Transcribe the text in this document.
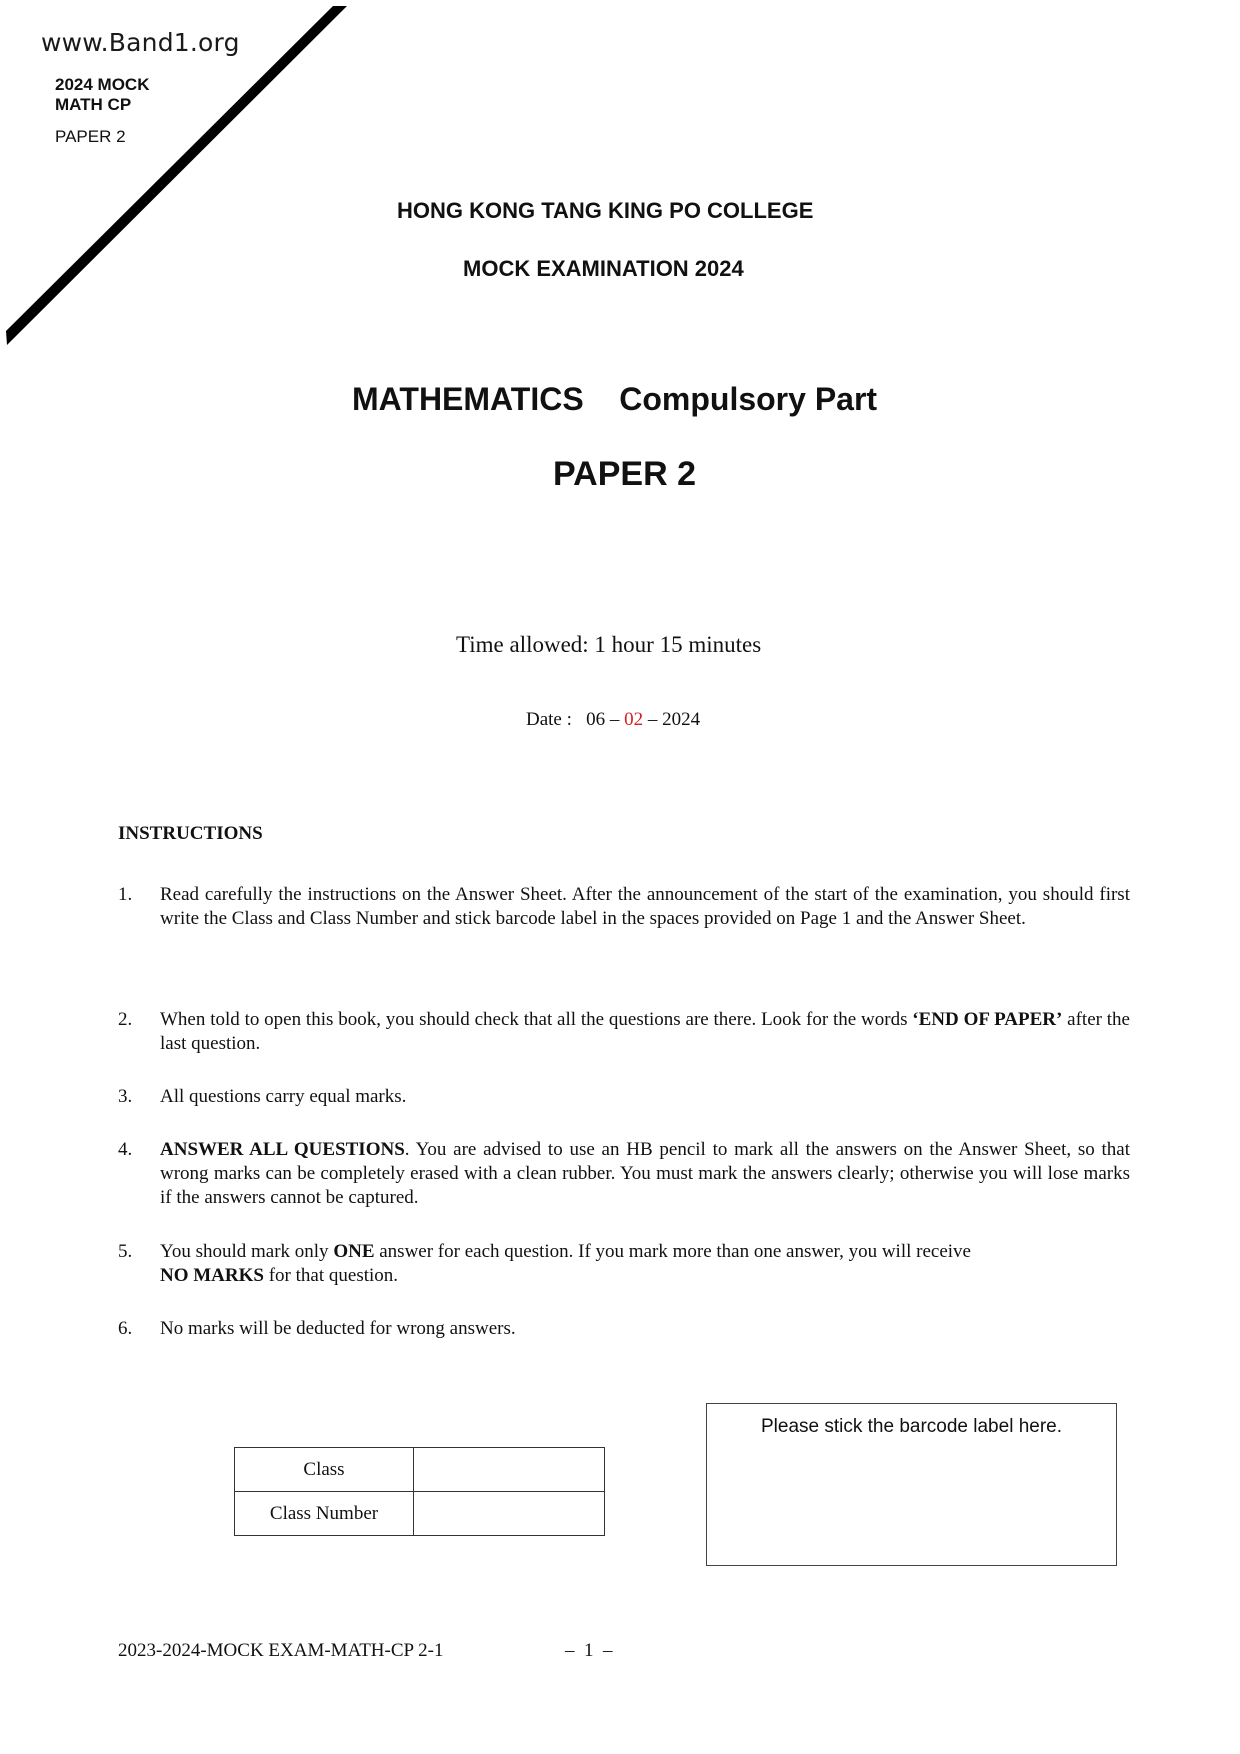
www.Band1.org
2024 MOCK
MATH CP
PAPER 2
HONG KONG TANG KING PO COLLEGE
MOCK EXAMINATION 2024
MATHEMATICS Compulsory Part
PAPER 2
Time allowed: 1 hour 15 minutes
Date : 06 – 02 – 2024
INSTRUCTIONS
1. Read carefully the instructions on the Answer Sheet. After the announcement of the start of the examination, you should first write the Class and Class Number and stick barcode label in the spaces provided on Page 1 and the Answer Sheet.
2. When told to open this book, you should check that all the questions are there. Look for the words ‘END OF PAPER’ after the last question.
3. All questions carry equal marks.
4. ANSWER ALL QUESTIONS. You are advised to use an HB pencil to mark all the answers on the Answer Sheet, so that wrong marks can be completely erased with a clean rubber. You must mark the answers clearly; otherwise you will lose marks if the answers cannot be captured.
5. You should mark only ONE answer for each question. If you mark more than one answer, you will receive
NO MARKS for that question.
6. No marks will be deducted for wrong answers.
Class	
Class Number	
Please stick the barcode label here.
2023-2024-MOCK EXAM-MATH-CP 2-1	–  1  –
